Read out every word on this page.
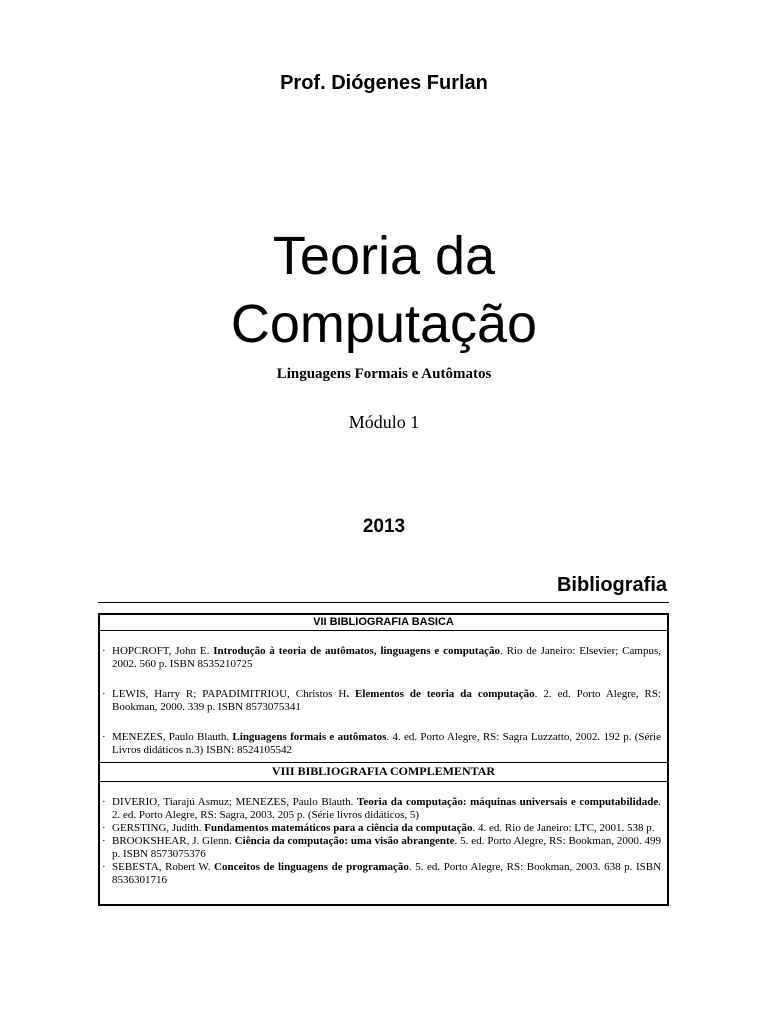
Prof. Diógenes Furlan
Teoria da
Computação
Linguagens Formais e Autômatos
Módulo 1
2013
Bibliografia
VII BIBLIOGRAFIA BASICA
· HOPCROFT, John E. Introdução à teoria de autômatos, linguagens e computação. Rio de Janeiro: Elsevier; Campus, 2002. 560 p. ISBN 8535210725
· LEWIS, Harry R; PAPADIMITRIOU, Christos H. Elementos de teoria da computação. 2. ed. Porto Alegre, RS: Bookman, 2000. 339 p. ISBN 8573075341
· MENEZES, Paulo Blauth. Linguagens formais e autômatos. 4. ed. Porto Alegre, RS: Sagra Luzzatto, 2002. 192 p. (Série Livros didáticos n.3) ISBN: 8524105542
VIII BIBLIOGRAFIA COMPLEMENTAR
· DIVERIO, Tiarajú Asmuz; MENEZES, Paulo Blauth. Teoria da computação: máquinas universais e computabilidade. 2. ed. Porto Alegre, RS: Sagra, 2003. 205 p. (Série livros didáticos, 5)
· GERSTING, Judith. Fundamentos matemáticos para a ciência da computação. 4. ed. Rio de Janeiro: LTC, 2001. 538 p.
· BROOKSHEAR, J. Glenn. Ciência da computação: uma visão abrangente. 5. ed. Porto Alegre, RS: Bookman, 2000. 499 p. ISBN 8573075376
· SEBESTA, Robert W. Conceitos de linguagens de programação. 5. ed. Porto Alegre, RS: Bookman, 2003. 638 p. ISBN 8536301716
